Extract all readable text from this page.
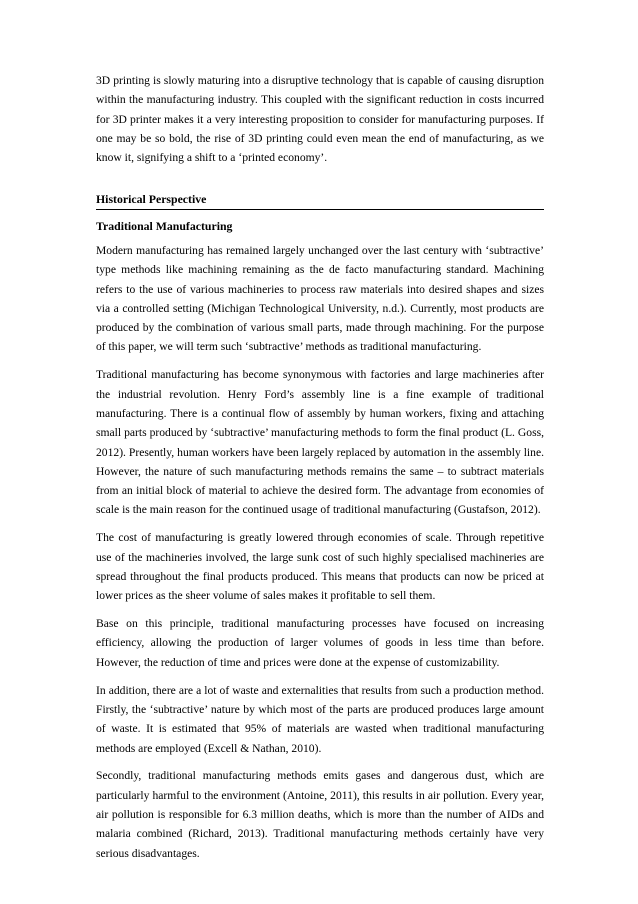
3D printing is slowly maturing into a disruptive technology that is capable of causing disruption within the manufacturing industry. This coupled with the significant reduction in costs incurred for 3D printer makes it a very interesting proposition to consider for manufacturing purposes. If one may be so bold, the rise of 3D printing could even mean the end of manufacturing, as we know it, signifying a shift to a ‘printed economy’.

Historical Perspective
Traditional Manufacturing

Modern manufacturing has remained largely unchanged over the last century with ‘subtractive’ type methods like machining remaining as the de facto manufacturing standard. Machining refers to the use of various machineries to process raw materials into desired shapes and sizes via a controlled setting (Michigan Technological University, n.d.). Currently, most products are produced by the combination of various small parts, made through machining. For the purpose of this paper, we will term such ‘subtractive’ methods as traditional manufacturing.

Traditional manufacturing has become synonymous with factories and large machineries after the industrial revolution. Henry Ford’s assembly line is a fine example of traditional manufacturing. There is a continual flow of assembly by human workers, fixing and attaching small parts produced by ‘subtractive’ manufacturing methods to form the final product (L. Goss, 2012). Presently, human workers have been largely replaced by automation in the assembly line. However, the nature of such manufacturing methods remains the same – to subtract materials from an initial block of material to achieve the desired form. The advantage from economies of scale is the main reason for the continued usage of traditional manufacturing (Gustafson, 2012).

The cost of manufacturing is greatly lowered through economies of scale. Through repetitive use of the machineries involved, the large sunk cost of such highly specialised machineries are spread throughout the final products produced. This means that products can now be priced at lower prices as the sheer volume of sales makes it profitable to sell them.

Base on this principle, traditional manufacturing processes have focused on increasing efficiency, allowing the production of larger volumes of goods in less time than before. However, the reduction of time and prices were done at the expense of customizability.

In addition, there are a lot of waste and externalities that results from such a production method. Firstly, the ‘subtractive’ nature by which most of the parts are produced produces large amount of waste. It is estimated that 95% of materials are wasted when traditional manufacturing methods are employed (Excell & Nathan, 2010).

Secondly, traditional manufacturing methods emits gases and dangerous dust, which are particularly harmful to the environment (Antoine, 2011), this results in air pollution. Every year, air pollution is responsible for 6.3 million deaths, which is more than the number of AIDs and malaria combined (Richard, 2013). Traditional manufacturing methods certainly have very serious disadvantages.
